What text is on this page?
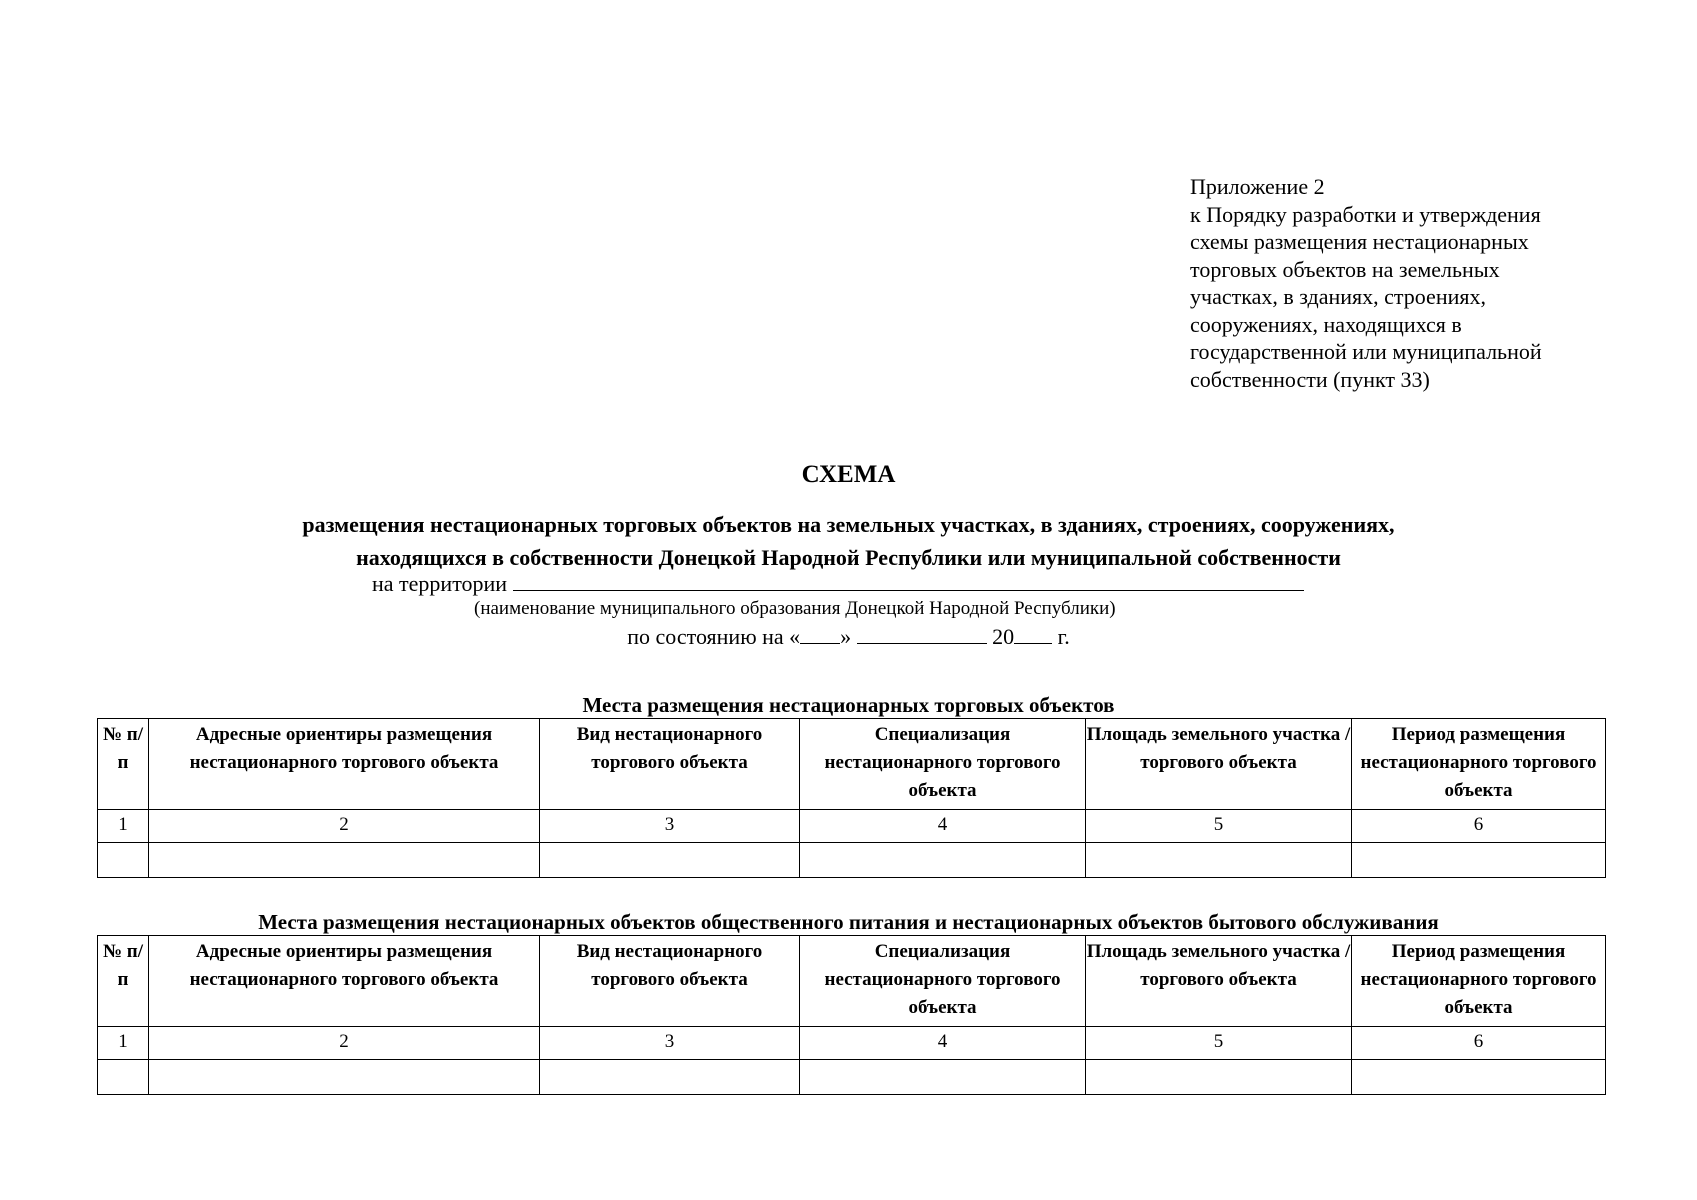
Приложение 2
к Порядку разработки и утверждения
схемы размещения нестационарных
торговых объектов на земельных
участках, в зданиях, строениях,
сооружениях, находящихся в
государственной или муниципальной
собственности (пункт 33)
СХЕМА
размещения нестационарных торговых объектов на земельных участках, в зданиях, строениях, сооружениях,
находящихся в собственности Донецкой Народной Республики или муниципальной собственности
на территории
(наименование муниципального образования Донецкой Народной Республики)
по состоянию на « »	20 г.
Места размещения нестационарных торговых объектов
№ п/п	Адресные ориентиры размещения нестационарного торгового объекта	Вид нестационарного торгового объекта	Специализация нестационарного торгового объекта	Площадь земельного участка / торгового объекта	Период размещения нестационарного торгового объекта
1	2	3	4	5	6

Места размещения нестационарных объектов общественного питания и нестационарных объектов бытового обслуживания
№ п/п	Адресные ориентиры размещения нестационарного торгового объекта	Вид нестационарного торгового объекта	Специализация нестационарного торгового объекта	Площадь земельного участка / торгового объекта	Период размещения нестационарного торгового объекта
1	2	3	4	5	6
